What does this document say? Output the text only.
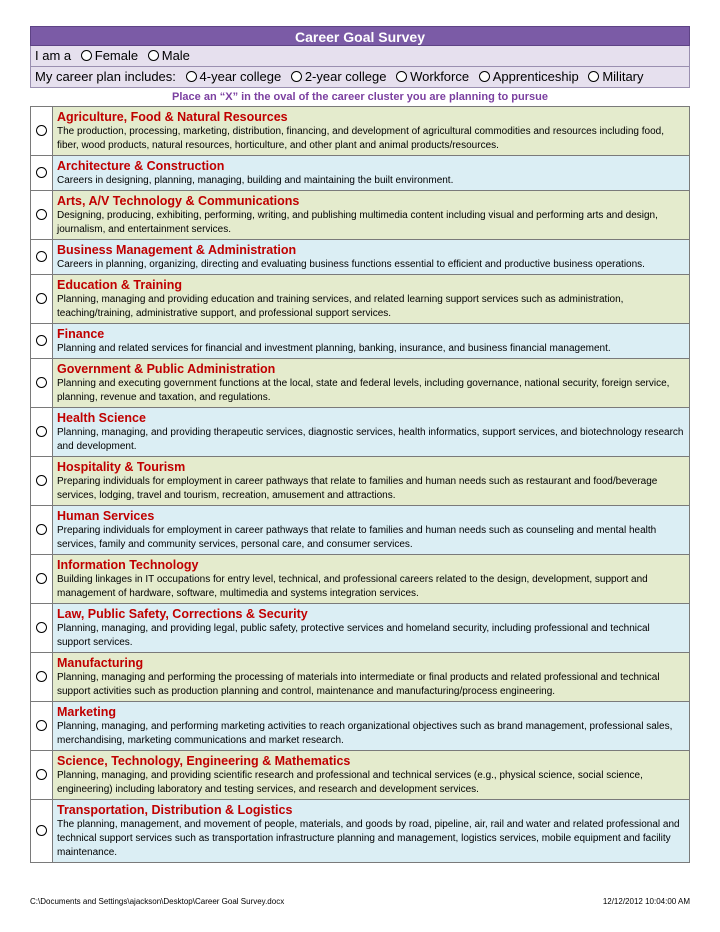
Career Goal Survey
I am a Female Male
My career plan includes: 4-year college 2-year college Workforce Apprenticeship Military
Place an “X” in the oval of the career cluster you are planning to pursue

	Agriculture, Food & Natural Resources
The production, processing, marketing, distribution, financing, and development of agricultural commodities and resources including food, fiber, wood products, natural resources, horticulture, and other plant and animal products/resources.

	Architecture & Construction
Careers in designing, planning, managing, building and maintaining the built environment.

	Arts, A/V Technology & Communications
Designing, producing, exhibiting, performing, writing, and publishing multimedia content including visual and performing arts and design, journalism, and entertainment services.

	Business Management & Administration
Careers in planning, organizing, directing and evaluating business functions essential to efficient and productive business operations.

	Education & Training
Planning, managing and providing education and training services, and related learning support services such as administration, teaching/training, administrative support, and professional support services.

	Finance
Planning and related services for financial and investment planning, banking, insurance, and business financial management.

	Government & Public Administration
Planning and executing government functions at the local, state and federal levels, including governance, national security, foreign service, planning, revenue and taxation, and regulations.

	Health Science
Planning, managing, and providing therapeutic services, diagnostic services, health informatics, support services, and biotechnology research and development.

	Hospitality & Tourism
Preparing individuals for employment in career pathways that relate to families and human needs such as restaurant and food/beverage services, lodging, travel and tourism, recreation, amusement and attractions.

	Human Services
Preparing individuals for employment in career pathways that relate to families and human needs such as counseling and mental health services, family and community services, personal care, and consumer services.

	Information Technology
Building linkages in IT occupations for entry level, technical, and professional careers related to the design, development, support and management of hardware, software, multimedia and systems integration services.

	Law, Public Safety, Corrections & Security
Planning, managing, and providing legal, public safety, protective services and homeland security, including professional and technical support services.

	Manufacturing
Planning, managing and performing the processing of materials into intermediate or final products and related professional and technical support activities such as production planning and control, maintenance and manufacturing/process engineering.

	Marketing
Planning, managing, and performing marketing activities to reach organizational objectives such as brand management, professional sales, merchandising, marketing communications and market research.

	Science, Technology, Engineering & Mathematics
Planning, managing, and providing scientific research and professional and technical services (e.g., physical science, social science, engineering) including laboratory and testing services, and research and development services.

	Transportation, Distribution & Logistics
The planning, management, and movement of people, materials, and goods by road, pipeline, air, rail and water and related professional and technical support services such as transportation infrastructure planning and management, logistics services, mobile equipment and facility maintenance.
C:\Documents and Settings\ajackson\Desktop\Career Goal Survey.docx	12/12/2012 10:04:00 AM
